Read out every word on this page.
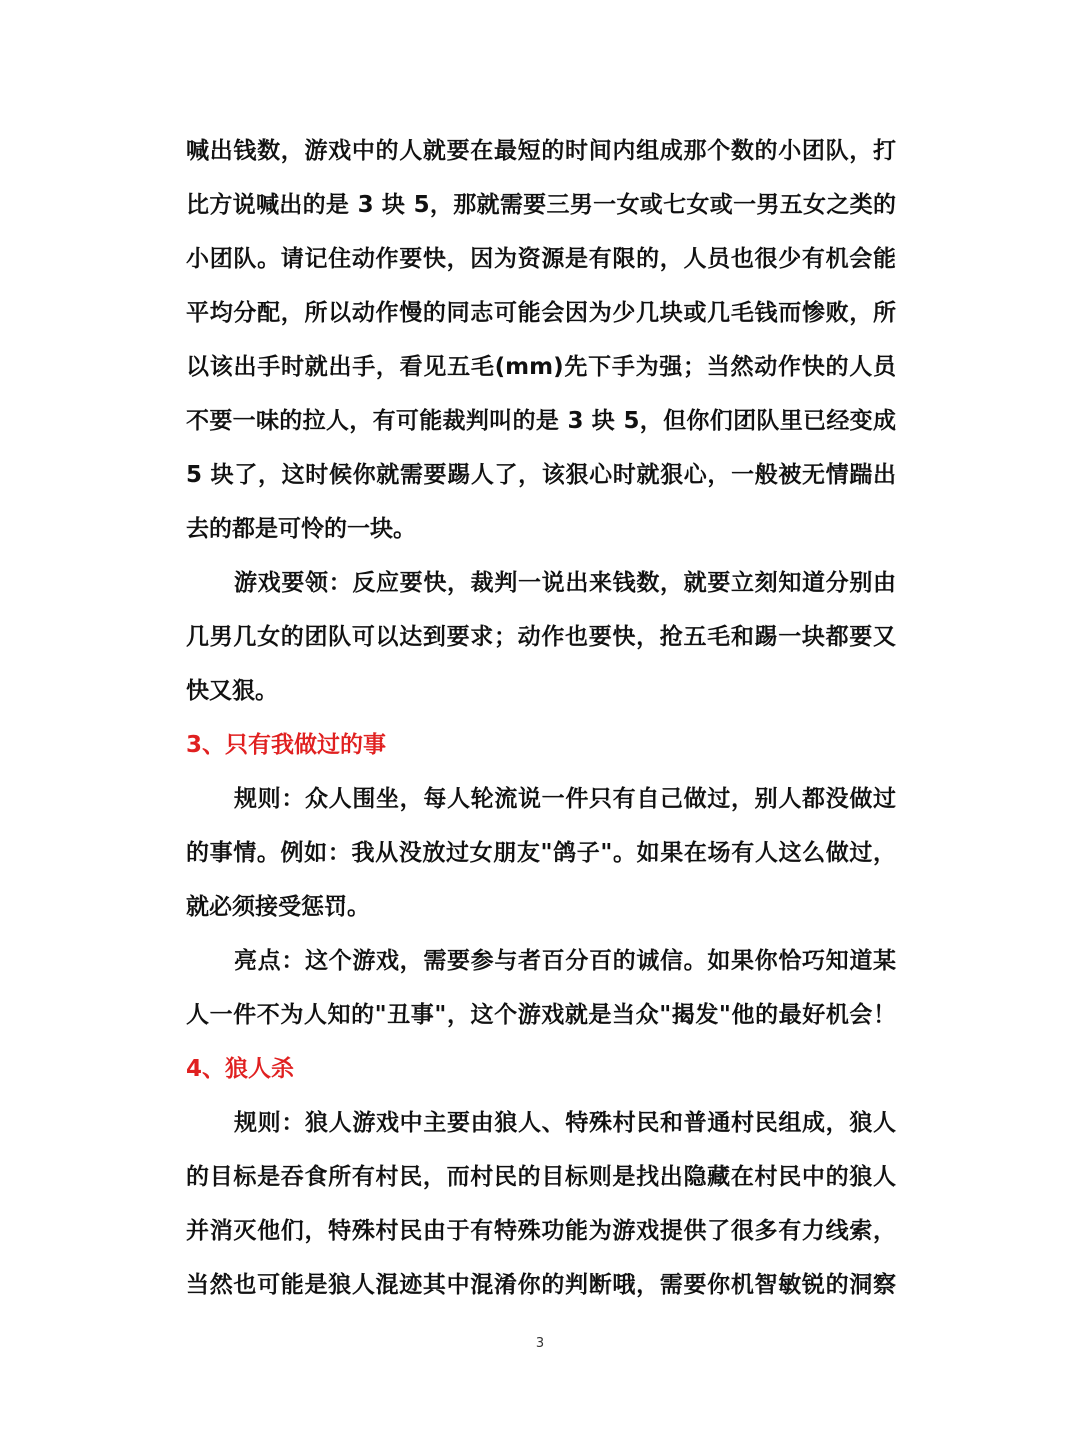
喊出钱数，游戏中的人就要在最短的时间内组成那个数的小团队，打
比方说喊出的是 3 块 5，那就需要三男一女或七女或一男五女之类的
小团队。请记住动作要快，因为资源是有限的，人员也很少有机会能
平均分配，所以动作慢的同志可能会因为少几块或几毛钱而惨败，所
以该出手时就出手，看见五毛(mm)先下手为强；当然动作快的人员
不要一味的拉人，有可能裁判叫的是 3 块 5，但你们团队里已经变成
5 块了，这时候你就需要踢人了，该狠心时就狠心，一般被无情踹出
去的都是可怜的一块。
游戏要领：反应要快，裁判一说出来钱数，就要立刻知道分别由
几男几女的团队可以达到要求；动作也要快，抢五毛和踢一块都要又
快又狠。
3、只有我做过的事
规则：众人围坐，每人轮流说一件只有自己做过，别人都没做过
的事情。例如：我从没放过女朋友"鸽子"。如果在场有人这么做过，
就必须接受惩罚。
亮点：这个游戏，需要参与者百分百的诚信。如果你恰巧知道某
人一件不为人知的"丑事"，这个游戏就是当众"揭发"他的最好机会！
4、狼人杀
规则：狼人游戏中主要由狼人、特殊村民和普通村民组成，狼人
的目标是吞食所有村民，而村民的目标则是找出隐藏在村民中的狼人
并消灭他们，特殊村民由于有特殊功能为游戏提供了很多有力线索，
当然也可能是狼人混迹其中混淆你的判断哦，需要你机智敏锐的洞察
3
